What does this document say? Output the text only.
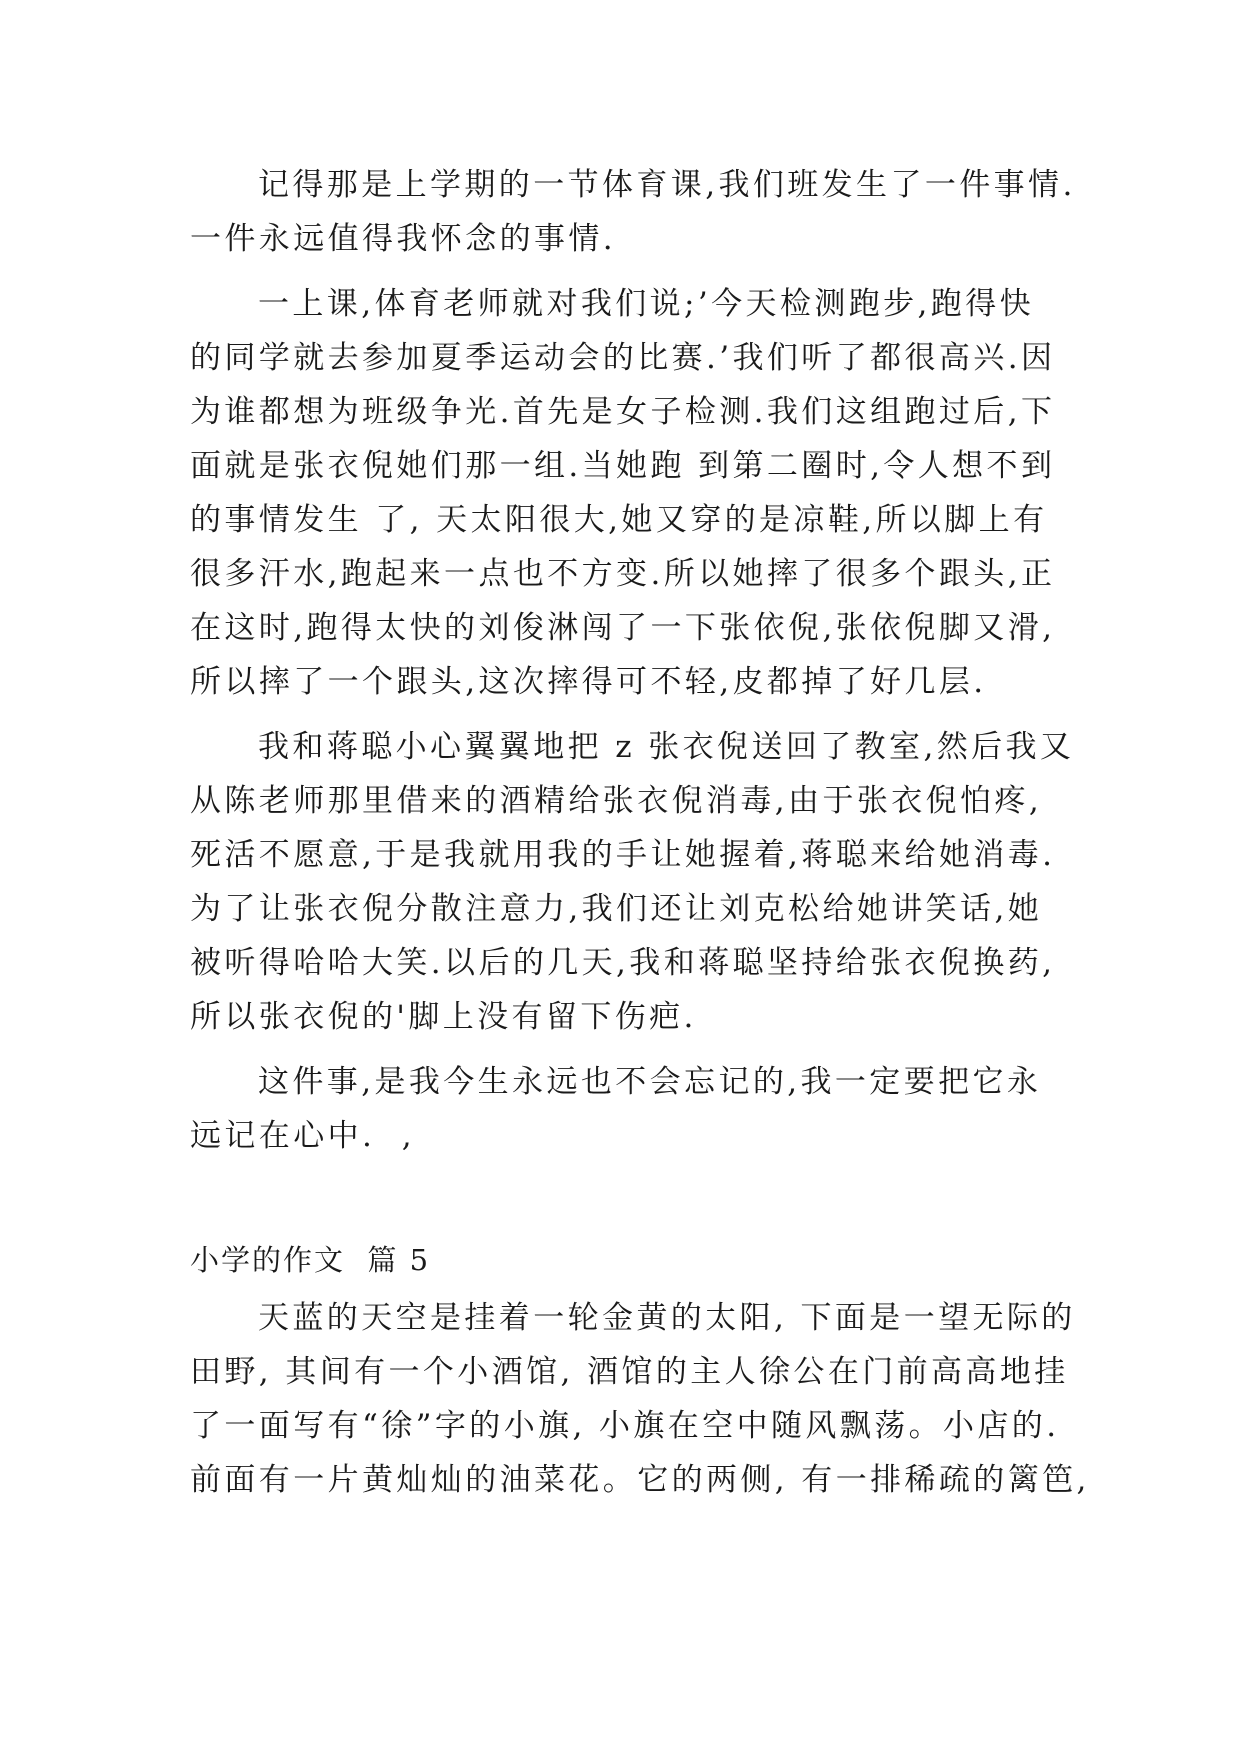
记得那是上学期的一节体育课,我们班发生了一件事情.
一件永远值得我怀念的事情.
一上课,体育老师就对我们说;’今天检测跑步,跑得快
的同学就去参加夏季运动会的比赛.’我们听了都很高兴.因
为谁都想为班级争光.首先是女子检测.我们这组跑过后,下
面就是张衣倪她们那一组.当她跑 到第二圈时,令人想不到
的事情发生 了, 天太阳很大,她又穿的是凉鞋,所以脚上有
很多汗水,跑起来一点也不方变.所以她摔了很多个跟头,正
在这时,跑得太快的刘俊淋闯了一下张依倪,张依倪脚又滑,
所以摔了一个跟头,这次摔得可不轻,皮都掉了好几层.
我和蒋聪小心翼翼地把 z 张衣倪送回了教室,然后我又
从陈老师那里借来的酒精给张衣倪消毒,由于张衣倪怕疼,
死活不愿意,于是我就用我的手让她握着,蒋聪来给她消毒.
为了让张衣倪分散注意力,我们还让刘克松给她讲笑话,她
被听得哈哈大笑.以后的几天,我和蒋聪坚持给张衣倪换药,
所以张衣倪的'脚上没有留下伤疤.
这件事,是我今生永远也不会忘记的,我一定要把它永
远记在心中.  ,
小学的作文  篇 5
天蓝的天空是挂着一轮金黄的太阳, 下面是一望无际的
田野, 其间有一个小酒馆, 酒馆的主人徐公在门前高高地挂
了一面写有“徐”字的小旗, 小旗在空中随风飘荡。小店的.
前面有一片黄灿灿的油菜花。它的两侧, 有一排稀疏的篱笆,
